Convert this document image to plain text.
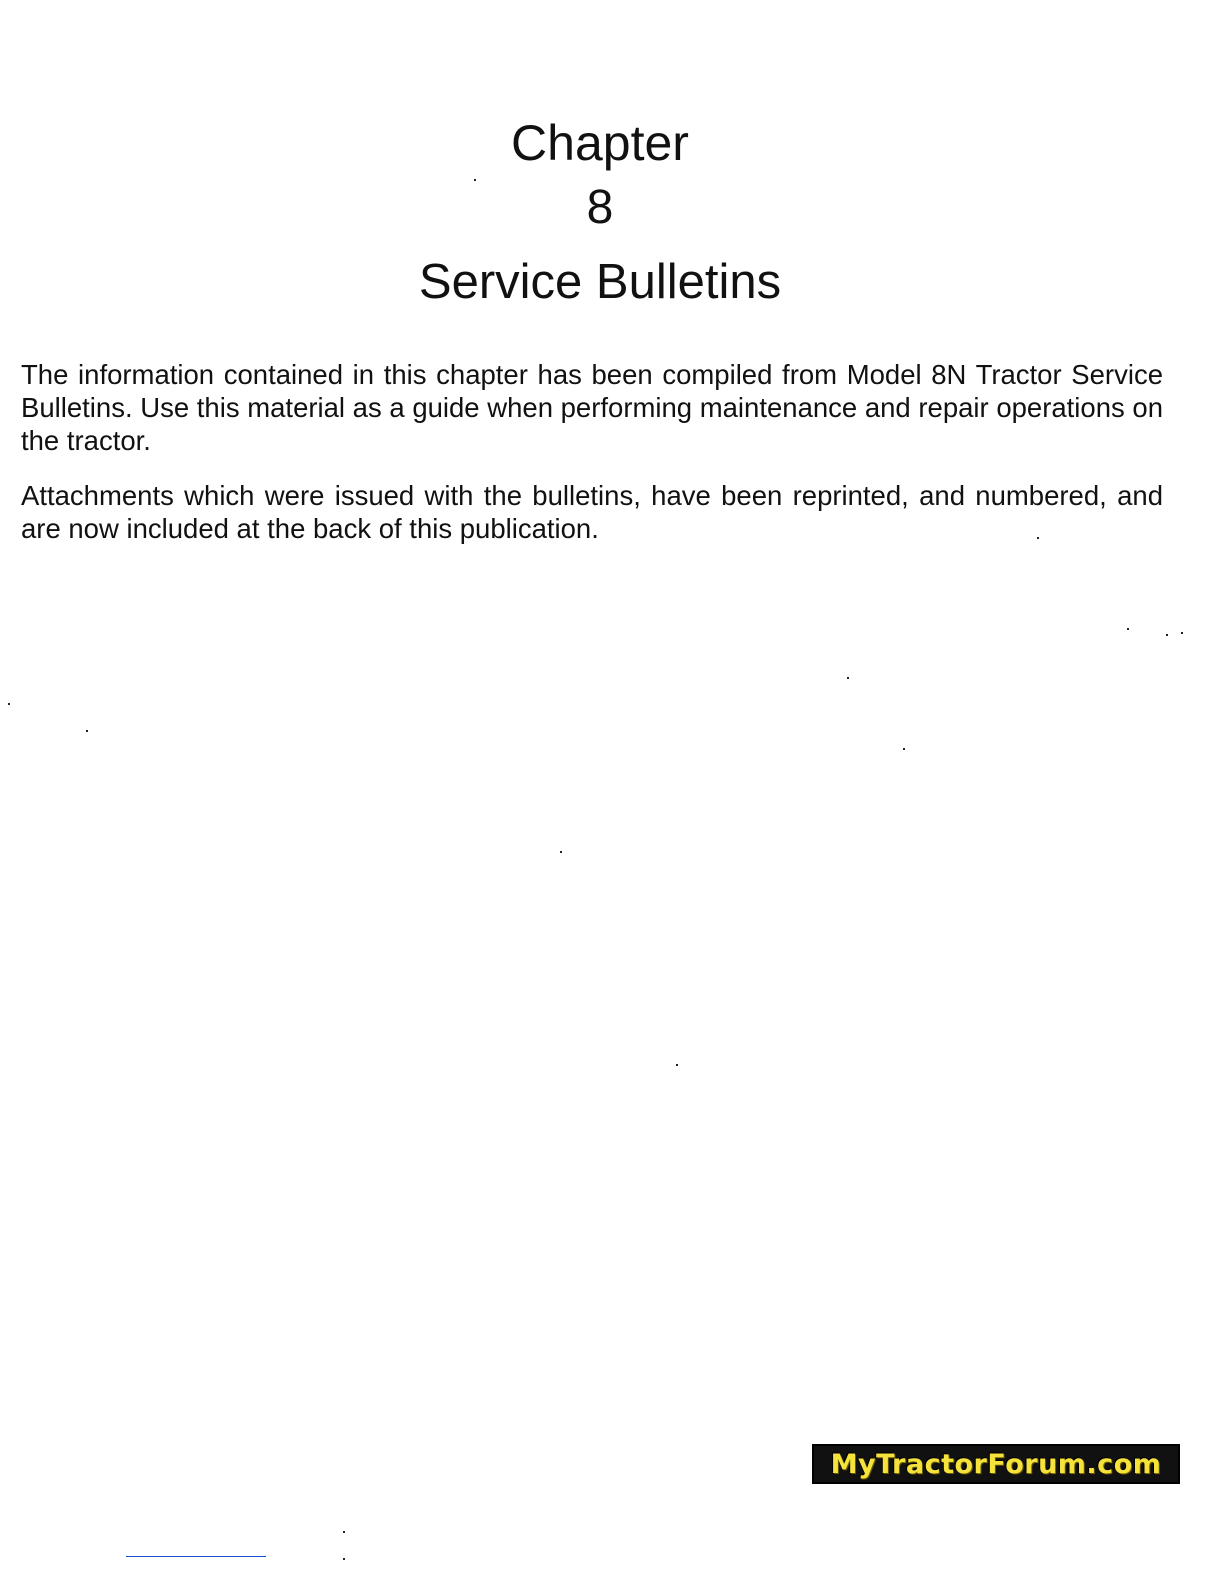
Chapter
8
Service Bulletins

The information contained in this chapter has been compiled from Model 8N Tractor Service Bulletins. Use this material as a guide when performing maintenance and repair operations on the tractor.

Attachments which were issued with the bulletins, have been reprinted, and numbered, and are now included at the back of this publication.

MyTractorForum.com
